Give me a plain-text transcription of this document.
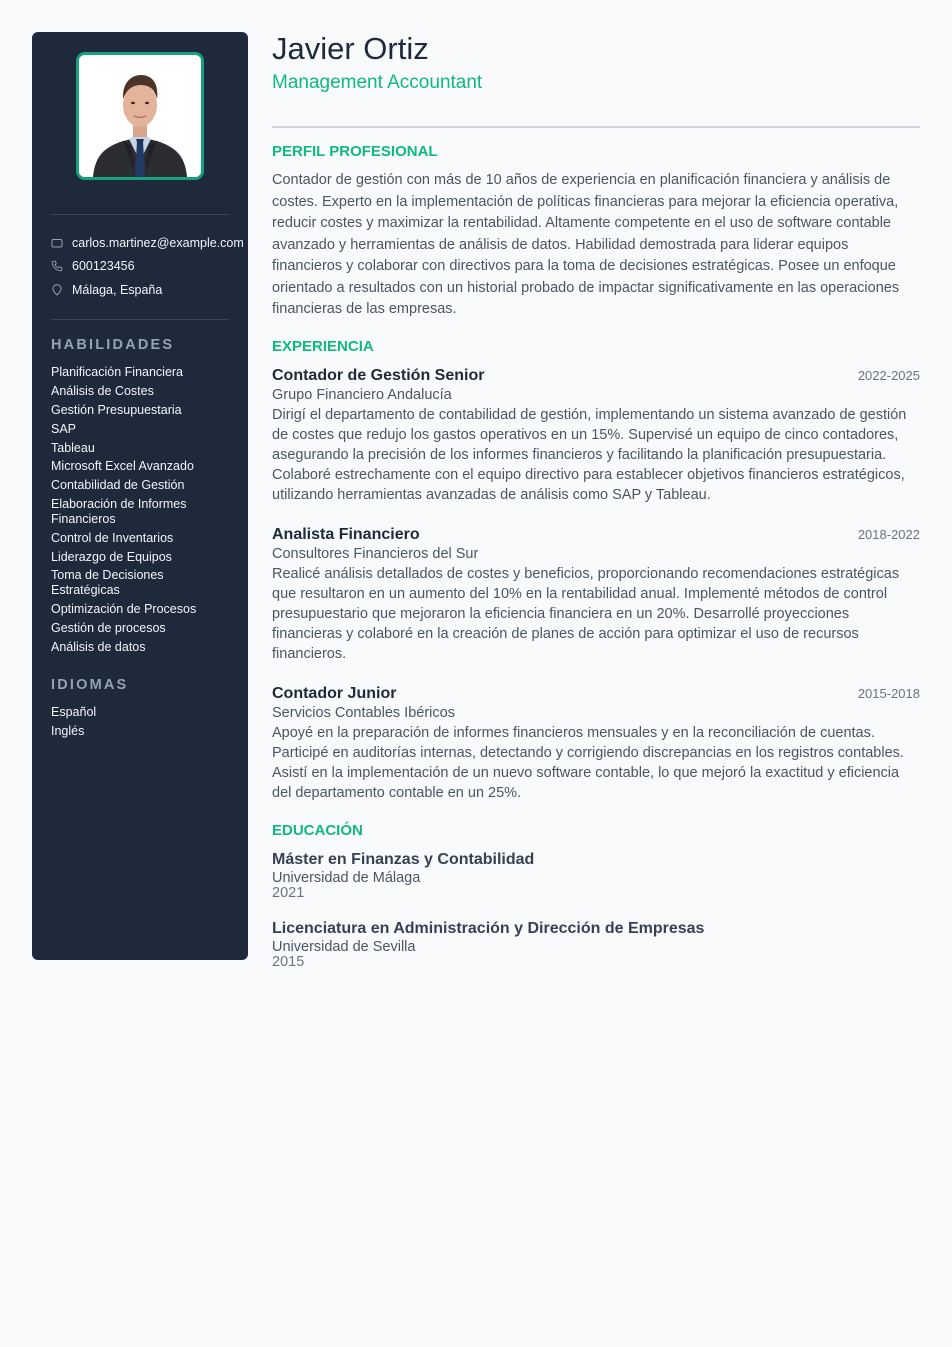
carlos.martinez@example.com
600123456
Málaga, España
HABILIDADES
Planificación Financiera
Análisis de Costes
Gestión Presupuestaria
SAP
Tableau
Microsoft Excel Avanzado
Contabilidad de Gestión
Elaboración de Informes Financieros
Control de Inventarios
Liderazgo de Equipos
Toma de Decisiones Estratégicas
Optimización de Procesos
Gestión de procesos
Análisis de datos
IDIOMAS
Español
Inglés
Javier Ortiz
Management Accountant
PERFIL PROFESIONAL

Contador de gestión con más de 10 años de experiencia en planificación financiera y análisis de costes. Experto en la implementación de políticas financieras para mejorar la eficiencia operativa, reducir costes y maximizar la rentabilidad. Altamente competente en el uso de software contable avanzado y herramientas de análisis de datos. Habilidad demostrada para liderar equipos financieros y colaborar con directivos para la toma de decisiones estratégicas. Posee un enfoque orientado a resultados con un historial probado de impactar significativamente en las operaciones financieras de las empresas.

EXPERIENCIA
Contador de Gestión Senior	2022-2025
Grupo Financiero Andalucía

Dirigí el departamento de contabilidad de gestión, implementando un sistema avanzado de gestión de costes que redujo los gastos operativos en un 15%. Supervisé un equipo de cinco contadores, asegurando la precisión de los informes financieros y facilitando la planificación presupuestaria. Colaboré estrechamente con el equipo directivo para establecer objetivos financieros estratégicos, utilizando herramientas avanzadas de análisis como SAP y Tableau.

Analista Financiero	2018-2022
Consultores Financieros del Sur

Realicé análisis detallados de costes y beneficios, proporcionando recomendaciones estratégicas que resultaron en un aumento del 10% en la rentabilidad anual. Implementé métodos de control presupuestario que mejoraron la eficiencia financiera en un 20%. Desarrollé proyecciones financieras y colaboré en la creación de planes de acción para optimizar el uso de recursos financieros.

Contador Junior	2015-2018
Servicios Contables Ibéricos

Apoyé en la preparación de informes financieros mensuales y en la reconciliación de cuentas. Participé en auditorías internas, detectando y corrigiendo discrepancias en los registros contables. Asistí en la implementación de un nuevo software contable, lo que mejoró la exactitud y eficiencia del departamento contable en un 25%.

EDUCACIÓN
Máster en Finanzas y Contabilidad
Universidad de Málaga
2021
Licenciatura en Administración y Dirección de Empresas
Universidad de Sevilla
2015
